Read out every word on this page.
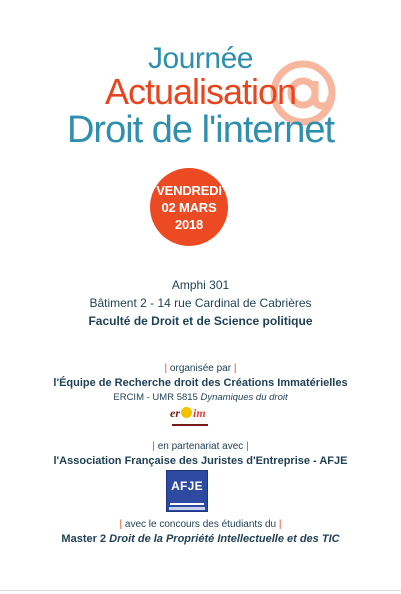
Journée
Actualisation
Droit de l'internet
VENDREDI
02 MARS
2018
Amphi 301
Bâtiment 2 - 14 rue Cardinal de Cabrières
Faculté de Droit et de Science politique
| organisée par |
l'Équipe de Recherche droit des Créations Immatérielles
ERCIM - UMR 5815 Dynamiques du droit
er im
| en partenariat avec |
l'Association Française des Juristes d'Entreprise - AFJE
AFJE
| avec le concours des étudiants du |
Master 2 Droit de la Propriété Intellectuelle et des TIC
